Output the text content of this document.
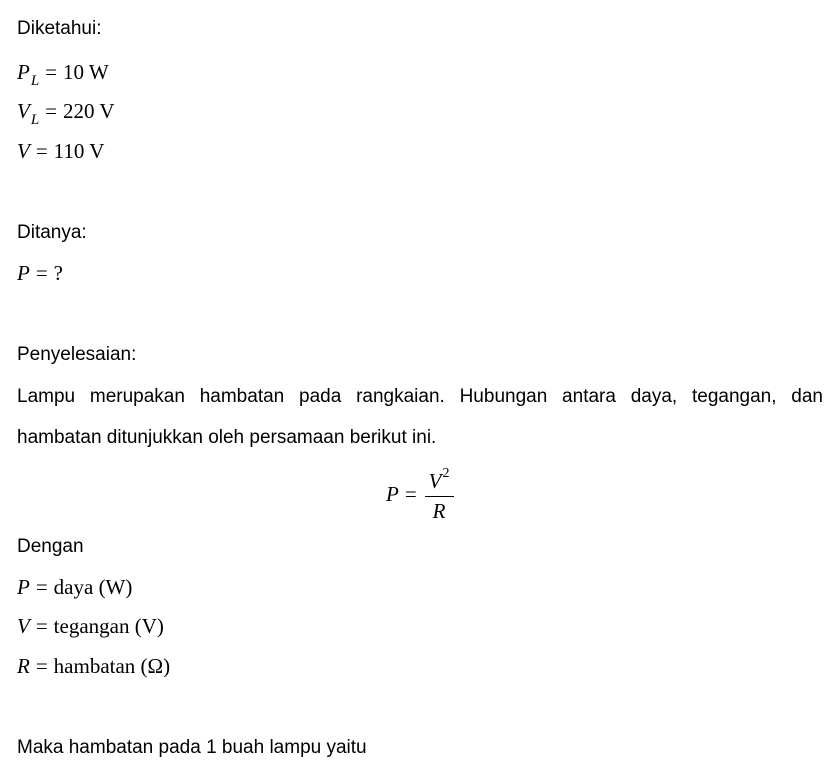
Diketahui:
$P_L = 10$ W
$V_L = 220$ V
V = 110 V
Ditanya:
P = ?
Penyelesaian:
Lampu merupakan hambatan pada rangkaian. Hubungan antara daya, tegangan, dan hambatan ditunjukkan oleh persamaan berikut ini.
$P = \frac{V^2}{R}$
Dengan
P = daya (W)
V = tegangan (V)
R = hambatan (Ω)
Maka hambatan pada 1 buah lampu yaitu
